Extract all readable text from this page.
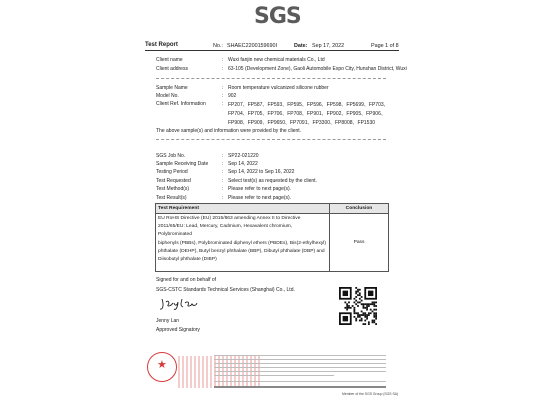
SGS
Test Report	No.: SHAEC2200159690I	Date: Sep 17, 2022	Page 1 of 8
Client name	: Wuxi fanjin new chemical materials Co., Ltd
Client address	: 63-105 (Development Zone), Gaoli Automobile Expo City, Hunshan District, Wuxi
Sample Name	: Room temperature vulcanized silicone rubber
Model No.	: 902
Client Ref. Information	: FP207、FP587、FP593、FP595、FP596、FP598、FP5699、FP703、
FP704、FP705、FP706、FP708、FP901、FP902、FP905、FP906、
FP908、FP909、FP9650、FP7091、FP3300、FP8008、FP1530
The above sample(s) and information were provided by the client.
SGS Job No.	: SP22-021220
Sample Receiving Date	: Sep 14, 2022
Testing Period	: Sep 14, 2022 to Sep 16, 2022
Test Requested	: Select test(s) as requested by the client.
Test Method(s)	: Please refer to next page(s).
Test Result(s)	: Please refer to next page(s).
Test Requirement	Conclusion

EU RoHS Directive (EU) 2015/863 amending Annex II to Directive
2011/65/EU: Lead, Mercury, Cadmium, Hexavalent chromium, Polybrominated
biphenyls (PBBs), Polybrominated diphenyl ethers (PBDEs), Bis(2-ethylhexyl)
phthalate (DEHP), Butyl benzyl phthalate (BBP), Dibutyl phthalate (DBP) and
Diisobutyl phthalate (DIBP)	Pass
Signed for and on behalf of
SGS-CSTC Standards Technical Services (Shanghai) Co., Ltd.
Jenny Lan
Approved Signatory
★
Member of the SGS Group (SGS SA)
